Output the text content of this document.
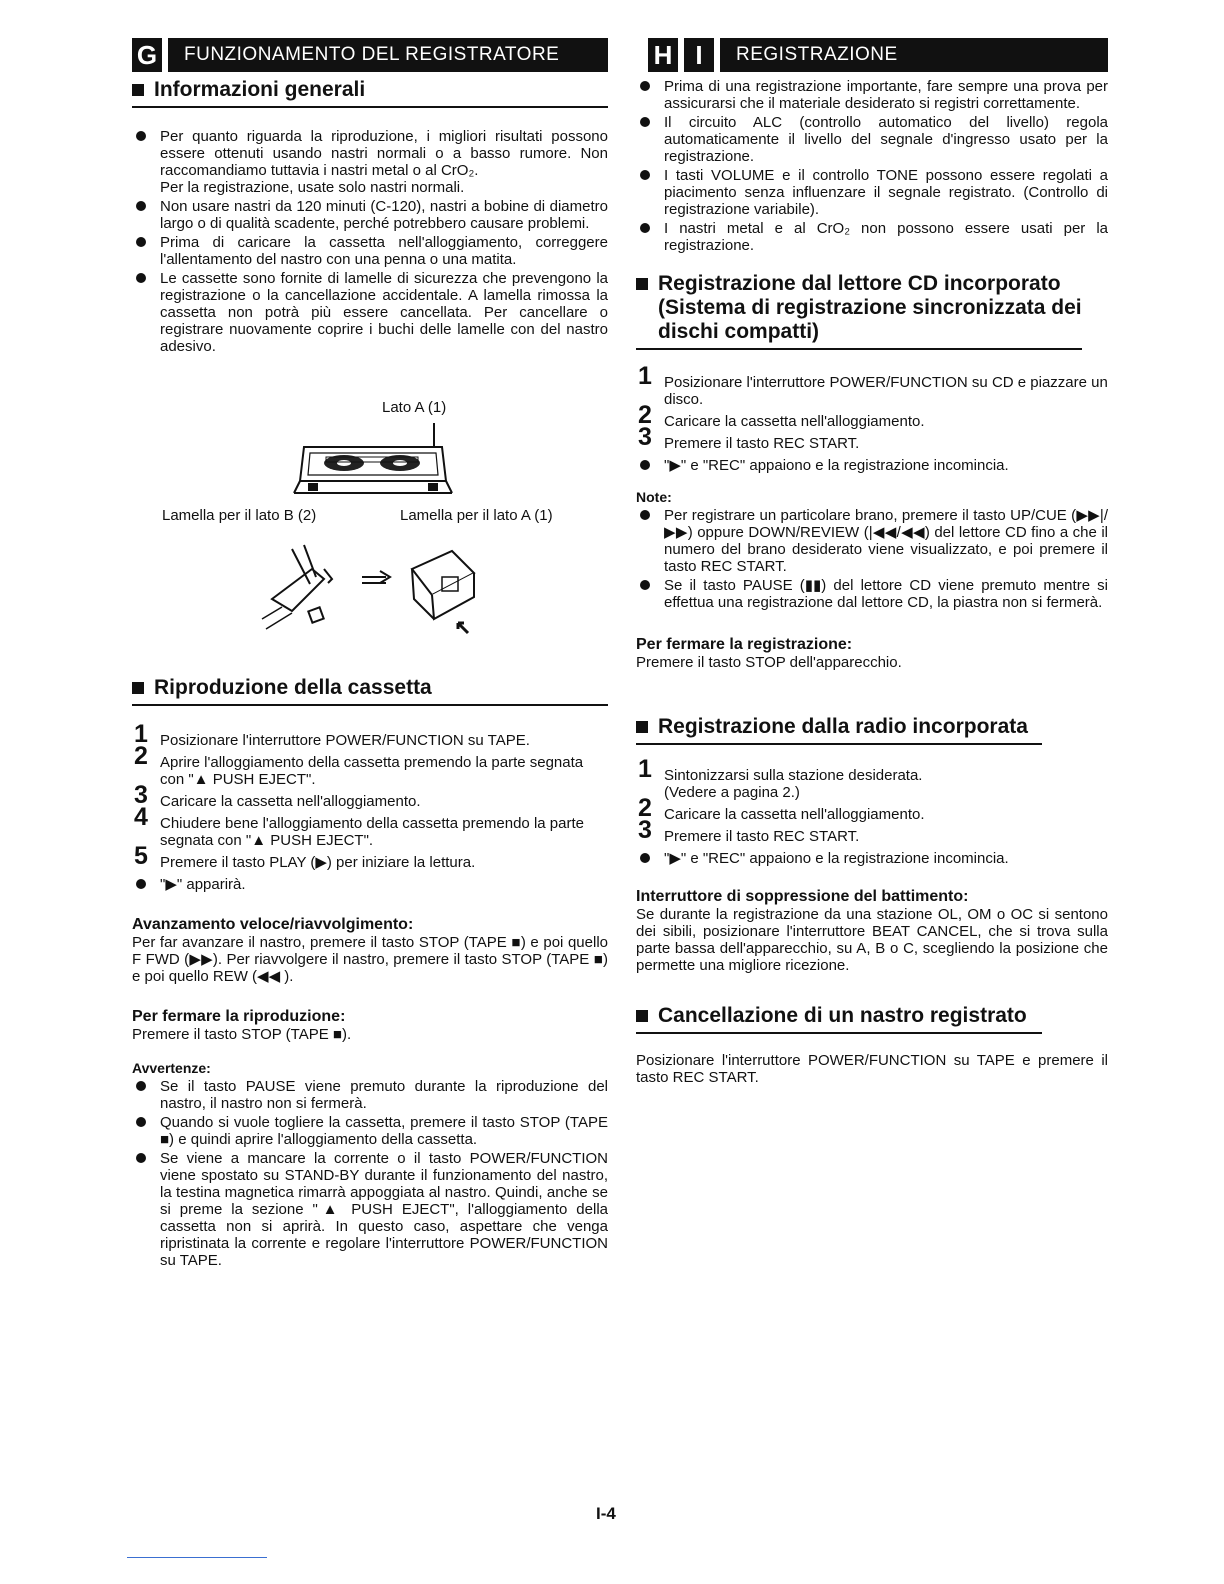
G	FUNZIONAMENTO DEL REGISTRATORE
Informazioni generali
Per quanto riguarda la riproduzione, i migliori risultati possono essere ottenuti usando nastri normali o a basso rumore. Non raccomandiamo tuttavia i nastri metal o al CrO₂.
Per la registrazione, usate solo nastri normali.
Non usare nastri da 120 minuti (C-120), nastri a bobine di diametro largo o di qualità scadente, perché potrebbero causare problemi.
Prima di caricare la cassetta nell'alloggiamento, correggere l'allentamento del nastro con una penna o una matita.
Le cassette sono fornite di lamelle di sicurezza che prevengono la registrazione o la cancellazione accidentale. A lamella rimossa la cassetta non potrà più essere cancellata. Per cancellare o registrare nuovamente coprire i buchi delle lamelle con del nastro adesivo.
Lato A (1)
Lamella per il lato B (2)	Lamella per il lato A (1)
Riproduzione della cassetta
1 Posizionare l'interruttore POWER/FUNCTION su TAPE.
2 Aprire l'alloggiamento della cassetta premendo la parte segnata con "▲ PUSH EJECT".
3 Caricare la cassetta nell'alloggiamento.
4 Chiudere bene l'alloggiamento della cassetta premendo la parte segnata con "▲ PUSH EJECT".
5 Premere il tasto PLAY (▶) per iniziare la lettura.
"▶" apparirà.
Avanzamento veloce/riavvolgimento:

Per far avanzare il nastro, premere il tasto STOP (TAPE ■) e poi quello F FWD (▶▶). Per riavvolgere il nastro, premere il tasto STOP (TAPE ■) e poi quello REW (◀◀ ).

Per fermare la riproduzione:

Premere il tasto STOP (TAPE ■).

Avvertenze:
Se il tasto PAUSE viene premuto durante la riproduzione del nastro, il nastro non si fermerà.
Quando si vuole togliere la cassetta, premere il tasto STOP (TAPE ■) e quindi aprire l'alloggiamento della cassetta.
Se viene a mancare la corrente o il tasto POWER/FUNCTION viene spostato su STAND-BY durante il funzionamento del nastro, la testina magnetica rimarrà appoggiata al nastro. Quindi, anche se si preme la sezione "▲ PUSH EJECT", l'alloggiamento della cassetta non si aprirà. In questo caso, aspettare che venga ripristinata la corrente e regolare l'interruttore POWER/FUNCTION su TAPE.
H I	REGISTRAZIONE
Prima di una registrazione importante, fare sempre una prova per assicurarsi che il materiale desiderato si registri correttamente.
Il circuito ALC (controllo automatico del livello) regola automaticamente il livello del segnale d'ingresso usato per la registrazione.
I tasti VOLUME e il controllo TONE possono essere regolati a piacimento senza influenzare il segnale registrato. (Controllo di registrazione variabile).
I nastri metal e al CrO₂ non possono essere usati per la registrazione.
Registrazione dal lettore CD incorporato (Sistema di registrazione sincronizzata dei dischi compatti)
1 Posizionare l'interruttore POWER/FUNCTION su CD e piazzare un disco.
2 Caricare la cassetta nell'alloggiamento.
3 Premere il tasto REC START.
"▶" e "REC" appaiono e la registrazione incomincia.
Note:
Per registrare un particolare brano, premere il tasto UP/CUE (▶▶|/▶▶) oppure DOWN/REVIEW (|◀◀/◀◀) del lettore CD fino a che il numero del brano desiderato viene visualizzato, e poi premere il tasto REC START.
Se il tasto PAUSE (▮▮) del lettore CD viene premuto mentre si effettua una registrazione dal lettore CD, la piastra non si fermerà.
Per fermare la registrazione:

Premere il tasto STOP dell'apparecchio.

Registrazione dalla radio incorporata
1 Sintonizzarsi sulla stazione desiderata.
(Vedere a pagina 2.)
2 Caricare la cassetta nell'alloggiamento.
3 Premere il tasto REC START.
"▶" e "REC" appaiono e la registrazione incomincia.
Interruttore di soppressione del battimento:

Se durante la registrazione da una stazione OL, OM o OC si sentono dei sibili, posizionare l'interruttore BEAT CANCEL, che si trova sulla parte bassa dell'apparecchio, su A, B o C, scegliendo la posizione che permette una migliore ricezione.

Cancellazione di un nastro registrato

Posizionare l'interruttore POWER/FUNCTION su TAPE e premere il tasto REC START.

I-4
